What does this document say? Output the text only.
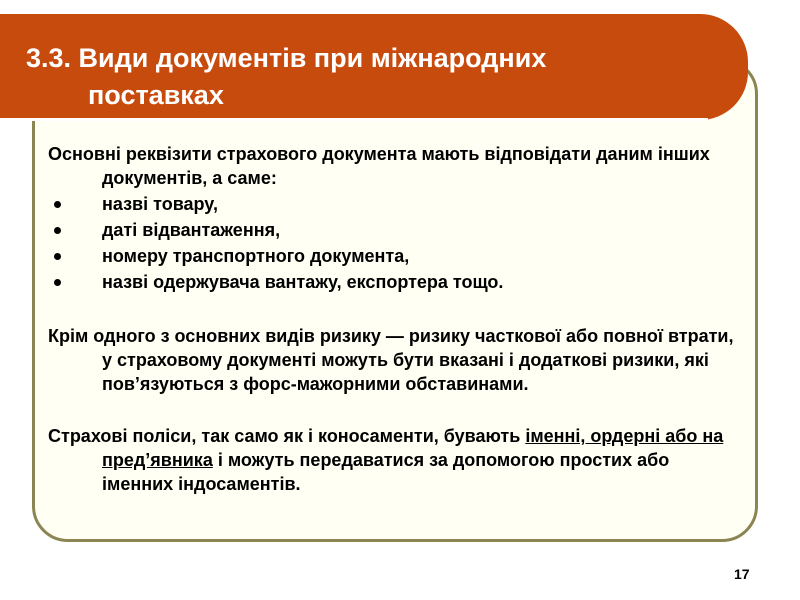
3.3. Види документів при міжнародних
поставках

Основні реквізити страхового документа мають відповідати даним інших документів, а саме:

назві товару,
даті відвантаження,
номеру транспортного документа,
назві одержувача вантажу, експортера тощо.

Крім одного з основних видів ризику — ризику часткової або повної втрати, у страховому документі можуть бути вказані і додаткові ризики, які пов’язуються з форс-мажорними обставинами.

Страхові поліси, так само як і коносаменти, бувають іменні, ордерні або на пред’явника і можуть передаватися за допомогою простих або іменних індосаментів.

17
